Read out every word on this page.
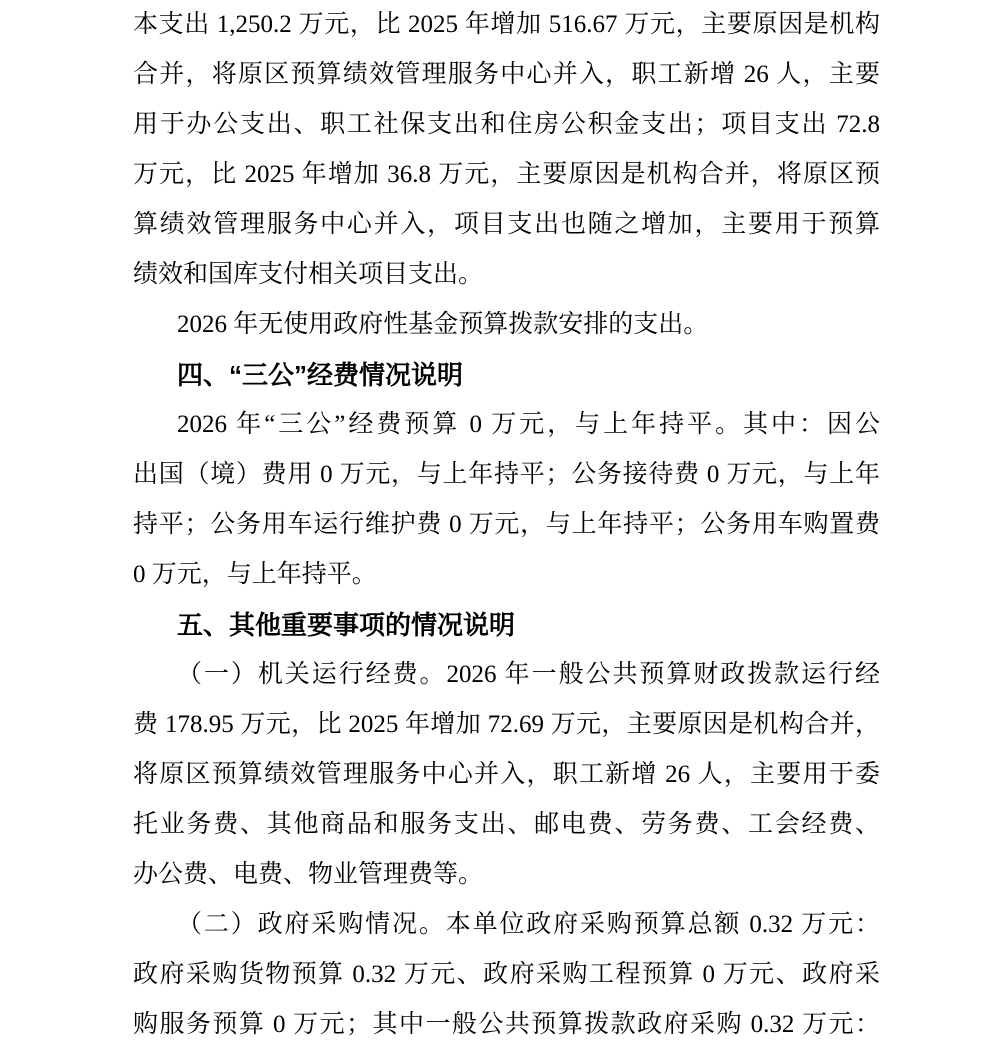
本支出 1,250.2 万元，比 2025 年增加 516.67 万元，主要原因是机构
合并，将原区预算绩效管理服务中心并入，职工新增 26 人，主要
用于办公支出、职工社保支出和住房公积金支出；项目支出 72.8
万元，比 2025 年增加 36.8 万元，主要原因是机构合并，将原区预
算绩效管理服务中心并入，项目支出也随之增加，主要用于预算
绩效和国库支付相关项目支出。
2026 年无使用政府性基金预算拨款安排的支出。
四、“三公”经费情况说明
2026 年“三公”经费预算 0 万元，与上年持平。其中：因公
出国（境）费用 0 万元，与上年持平；公务接待费 0 万元，与上年
持平；公务用车运行维护费 0 万元，与上年持平；公务用车购置费
0 万元，与上年持平。
五、其他重要事项的情况说明
（一）机关运行经费。2026 年一般公共预算财政拨款运行经
费 178.95 万元，比 2025 年增加 72.69 万元，主要原因是机构合并，
将原区预算绩效管理服务中心并入，职工新增 26 人，主要用于委
托业务费、其他商品和服务支出、邮电费、劳务费、工会经费、
办公费、电费、物业管理费等。
（二）政府采购情况。本单位政府采购预算总额 0.32 万元：
政府采购货物预算 0.32 万元、政府采购工程预算 0 万元、政府采
购服务预算 0 万元；其中一般公共预算拨款政府采购 0.32 万元：
